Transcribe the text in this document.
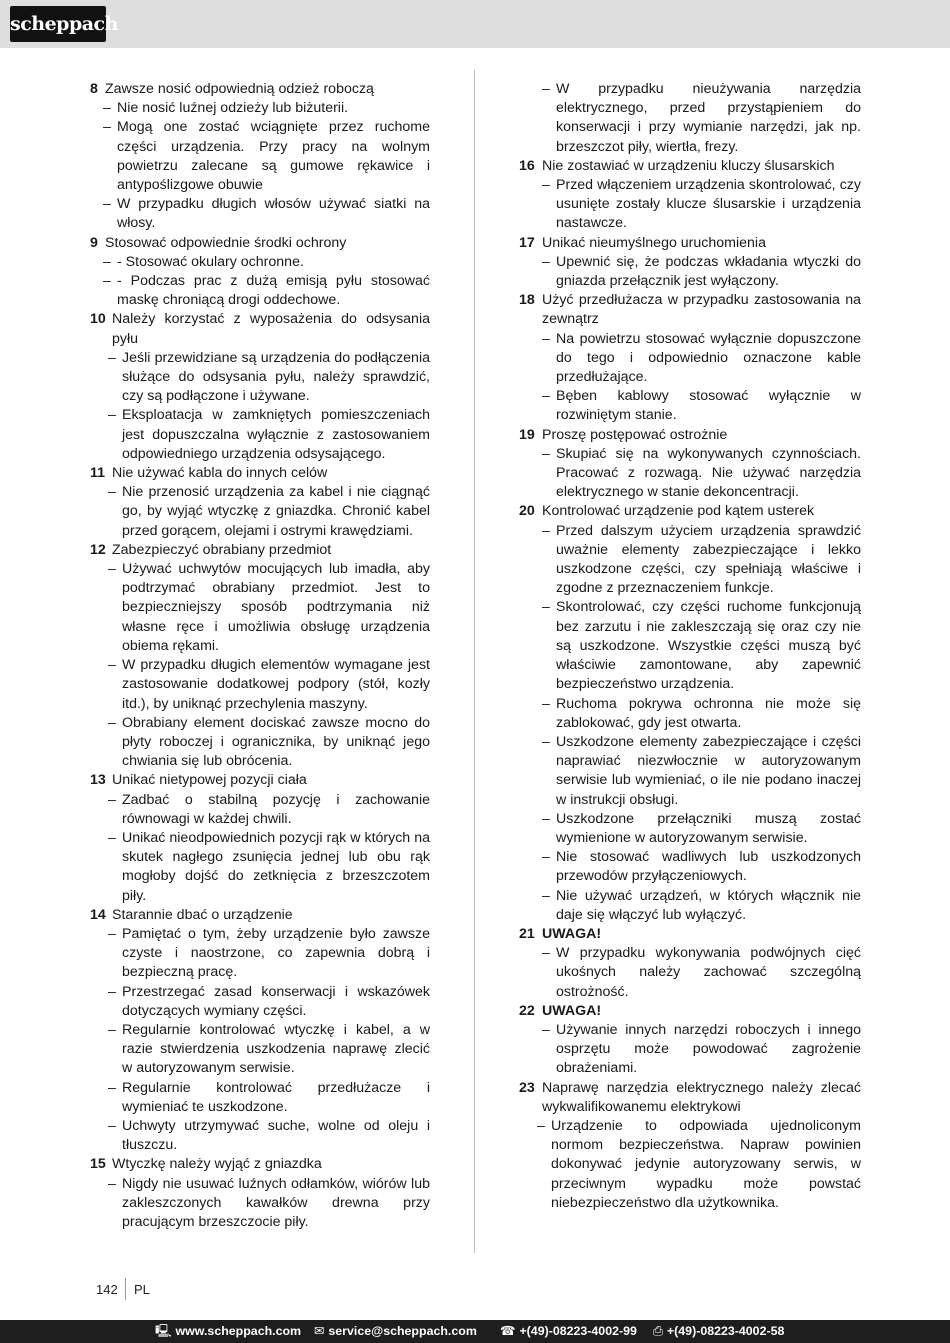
scheppach
8 Zawsze nosić odpowiednią odzież roboczą
– Nie nosić luźnej odzieży lub biżuterii.
– Mogą one zostać wciągnięte przez ruchome części urządzenia. Przy pracy na wolnym powietrzu zalecane są gumowe rękawice i antypoślizgowe obuwie
– W przypadku długich włosów używać siatki na włosy.
9 Stosować odpowiednie środki ochrony
– - Stosować okulary ochronne.
– - Podczas prac z dużą emisją pyłu stosować maskę chroniącą drogi oddechowe.
10 Należy korzystać z wyposażenia do odsysania pyłu
– Jeśli przewidziane są urządzenia do podłączenia służące do odsysania pyłu, należy sprawdzić, czy są podłączone i używane.
– Eksploatacja w zamkniętych pomieszczeniach jest dopuszczalna wyłącznie z zastosowaniem odpowiedniego urządzenia odsysającego.
11 Nie używać kabla do innych celów
– Nie przenosić urządzenia za kabel i nie ciągnąć go, by wyjąć wtyczkę z gniazdka. Chronić kabel przed gorącem, olejami i ostrymi krawędziami.
12 Zabezpieczyć obrabiany przedmiot
– Używać uchwytów mocujących lub imadła, aby podtrzymać obrabiany przedmiot. Jest to bezpieczniejszy sposób podtrzymania niż własne ręce i umożliwia obsługę urządzenia obiema rękami.
– W przypadku długich elementów wymagane jest zastosowanie dodatkowej podpory (stół, kozły itd.), by uniknąć przechylenia maszyny.
– Obrabiany element dociskać zawsze mocno do płyty roboczej i ogranicznika, by uniknąć jego chwiania się lub obrócenia.
13 Unikać nietypowej pozycji ciała
– Zadbać o stabilną pozycję i zachowanie równowagi w każdej chwili.
– Unikać nieodpowiednich pozycji rąk w których na skutek nagłego zsunięcia jednej lub obu rąk mogłoby dojść do zetknięcia z brzeszczotem piły.
14 Starannie dbać o urządzenie
– Pamiętać o tym, żeby urządzenie było zawsze czyste i naostrzone, co zapewnia dobrą i bezpieczną pracę.
– Przestrzegać zasad konserwacji i wskazówek dotyczących wymiany części.
– Regularnie kontrolować wtyczkę i kabel, a w razie stwierdzenia uszkodzenia naprawę zlecić w autoryzowanym serwisie.
– Regularnie kontrolować przedłużacze i wymieniać te uszkodzone.
– Uchwyty utrzymywać suche, wolne od oleju i tłuszczu.
15 Wtyczkę należy wyjąć z gniazdka
– Nigdy nie usuwać luźnych odłamków, wiórów lub zakleszczonych kawałków drewna przy pracującym brzeszczocie piły.
– W przypadku nieużywania narzędzia elektrycznego, przed przystąpieniem do konserwacji i przy wymianie narzędzi, jak np. brzeszczot piły, wiertła, frezy.
16 Nie zostawiać w urządzeniu kluczy ślusarskich
– Przed włączeniem urządzenia skontrolować, czy usunięte zostały klucze ślusarskie i urządzenia nastawcze.
17 Unikać nieumyślnego uruchomienia
– Upewnić się, że podczas wkładania wtyczki do gniazda przełącznik jest wyłączony.
18 Użyć przedłużacza w przypadku zastosowania na zewnątrz
– Na powietrzu stosować wyłącznie dopuszczone do tego i odpowiednio oznaczone kable przedłużające.
– Bęben kablowy stosować wyłącznie w rozwiniętym stanie.
19 Proszę postępować ostrożnie
– Skupiać się na wykonywanych czynnościach. Pracować z rozwagą. Nie używać narzędzia elektrycznego w stanie dekoncentracji.
20 Kontrolować urządzenie pod kątem usterek
– Przed dalszym użyciem urządzenia sprawdzić uważnie elementy zabezpieczające i lekko uszkodzone części, czy spełniają właściwe i zgodne z przeznaczeniem funkcje.
– Skontrolować, czy części ruchome funkcjonują bez zarzutu i nie zakleszczają się oraz czy nie są uszkodzone. Wszystkie części muszą być właściwie zamontowane, aby zapewnić bezpieczeństwo urządzenia.
– Ruchoma pokrywa ochronna nie może się zablokować, gdy jest otwarta.
– Uszkodzone elementy zabezpieczające i części naprawiać niezwłocznie w autoryzowanym serwisie lub wymieniać, o ile nie podano inaczej w instrukcji obsługi.
– Uszkodzone przełączniki muszą zostać wymienione w autoryzowanym serwisie.
– Nie stosować wadliwych lub uszkodzonych przewodów przyłączeniowych.
– Nie używać urządzeń, w których włącznik nie daje się włączyć lub wyłączyć.
21 UWAGA!
– W przypadku wykonywania podwójnych cięć ukośnych należy zachować szczególną ostrożność.
22 UWAGA!
– Używanie innych narzędzi roboczych i innego osprzętu może powodować zagrożenie obrażeniami.
23 Naprawę narzędzia elektrycznego należy zlecać wykwalifikowanemu elektrykowi
– Urządzenie to odpowiada ujednoliconym normom bezpieczeństwa. Napraw powinien dokonywać jedynie autoryzowany serwis, w przeciwnym wypadku może powstać niebezpieczeństwo dla użytkownika.
142 PL
🖳 www.scheppach.com ✉ service@scheppach.com ☎ +(49)-08223-4002-99 ⎙ +(49)-08223-4002-58
